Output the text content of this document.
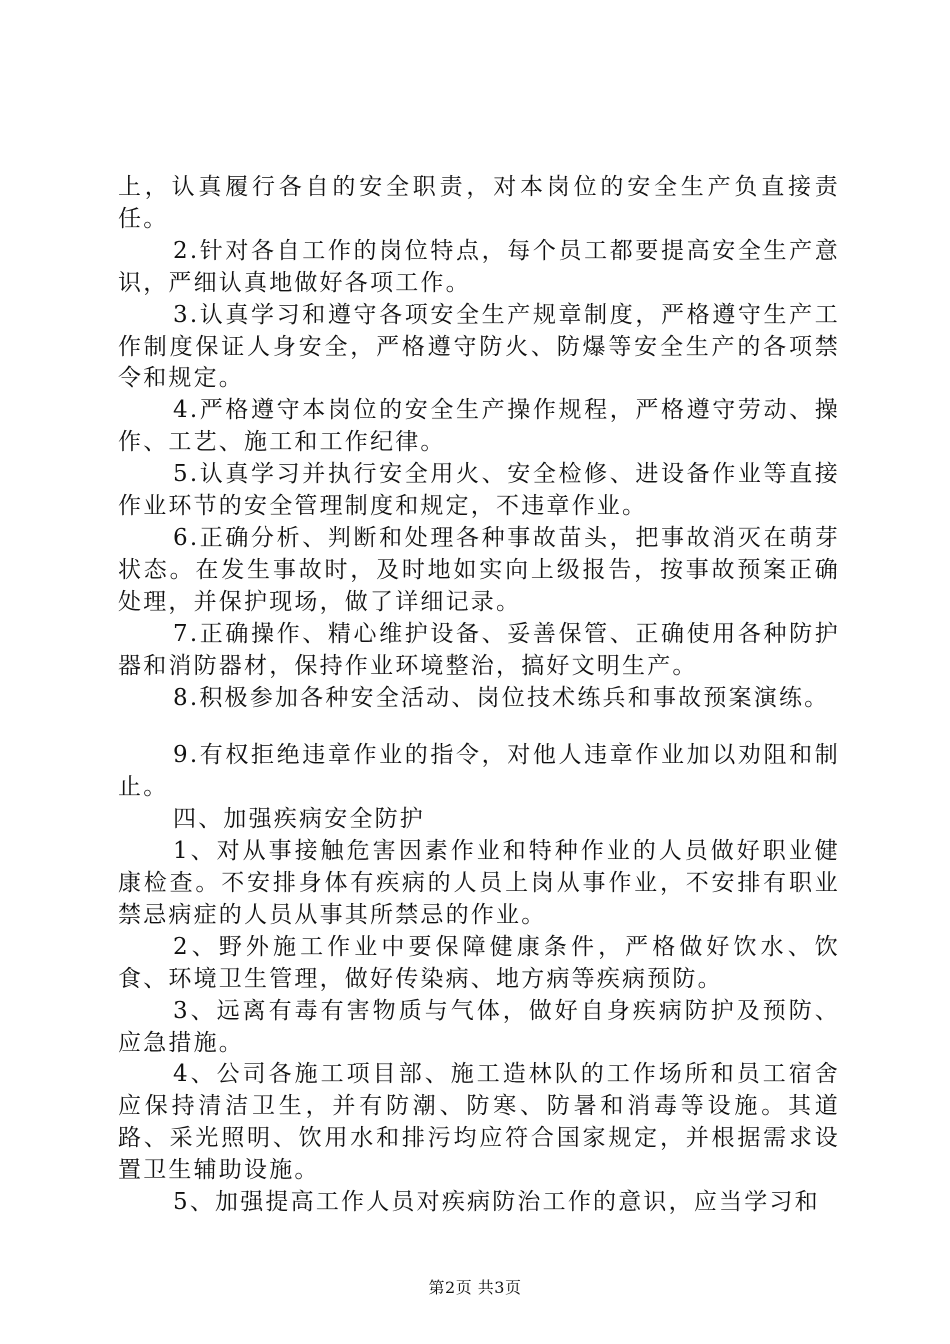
上，认真履行各自的安全职责，对本岗位的安全生产负直接责任。

2.针对各自工作的岗位特点，每个员工都要提高安全生产意识，严细认真地做好各项工作。

3.认真学习和遵守各项安全生产规章制度，严格遵守生产工作制度保证人身安全，严格遵守防火、防爆等安全生产的各项禁令和规定。

4.严格遵守本岗位的安全生产操作规程，严格遵守劳动、操作、工艺、施工和工作纪律。

5.认真学习并执行安全用火、安全检修、进设备作业等直接作业环节的安全管理制度和规定，不违章作业。

6.正确分析、判断和处理各种事故苗头，把事故消灭在萌芽状态。在发生事故时，及时地如实向上级报告，按事故预案正确处理，并保护现场，做了详细记录。

7.正确操作、精心维护设备、妥善保管、正确使用各种防护器和消防器材，保持作业环境整治，搞好文明生产。

8.积极参加各种安全活动、岗位技术练兵和事故预案演练。

9.有权拒绝违章作业的指令，对他人违章作业加以劝阻和制止。

四、加强疾病安全防护

1、对从事接触危害因素作业和特种作业的人员做好职业健康检查。不安排身体有疾病的人员上岗从事作业，不安排有职业禁忌病症的人员从事其所禁忌的作业。

2、野外施工作业中要保障健康条件，严格做好饮水、饮食、环境卫生管理，做好传染病、地方病等疾病预防。

3、远离有毒有害物质与气体，做好自身疾病防护及预防、应急措施。

4、公司各施工项目部、施工造林队的工作场所和员工宿舍应保持清洁卫生，并有防潮、防寒、防暑和消毒等设施。其道路、采光照明、饮用水和排污均应符合国家规定，并根据需求设置卫生辅助设施。

5、加强提高工作人员对疾病防治工作的意识，应当学习和

第2页 共3页
